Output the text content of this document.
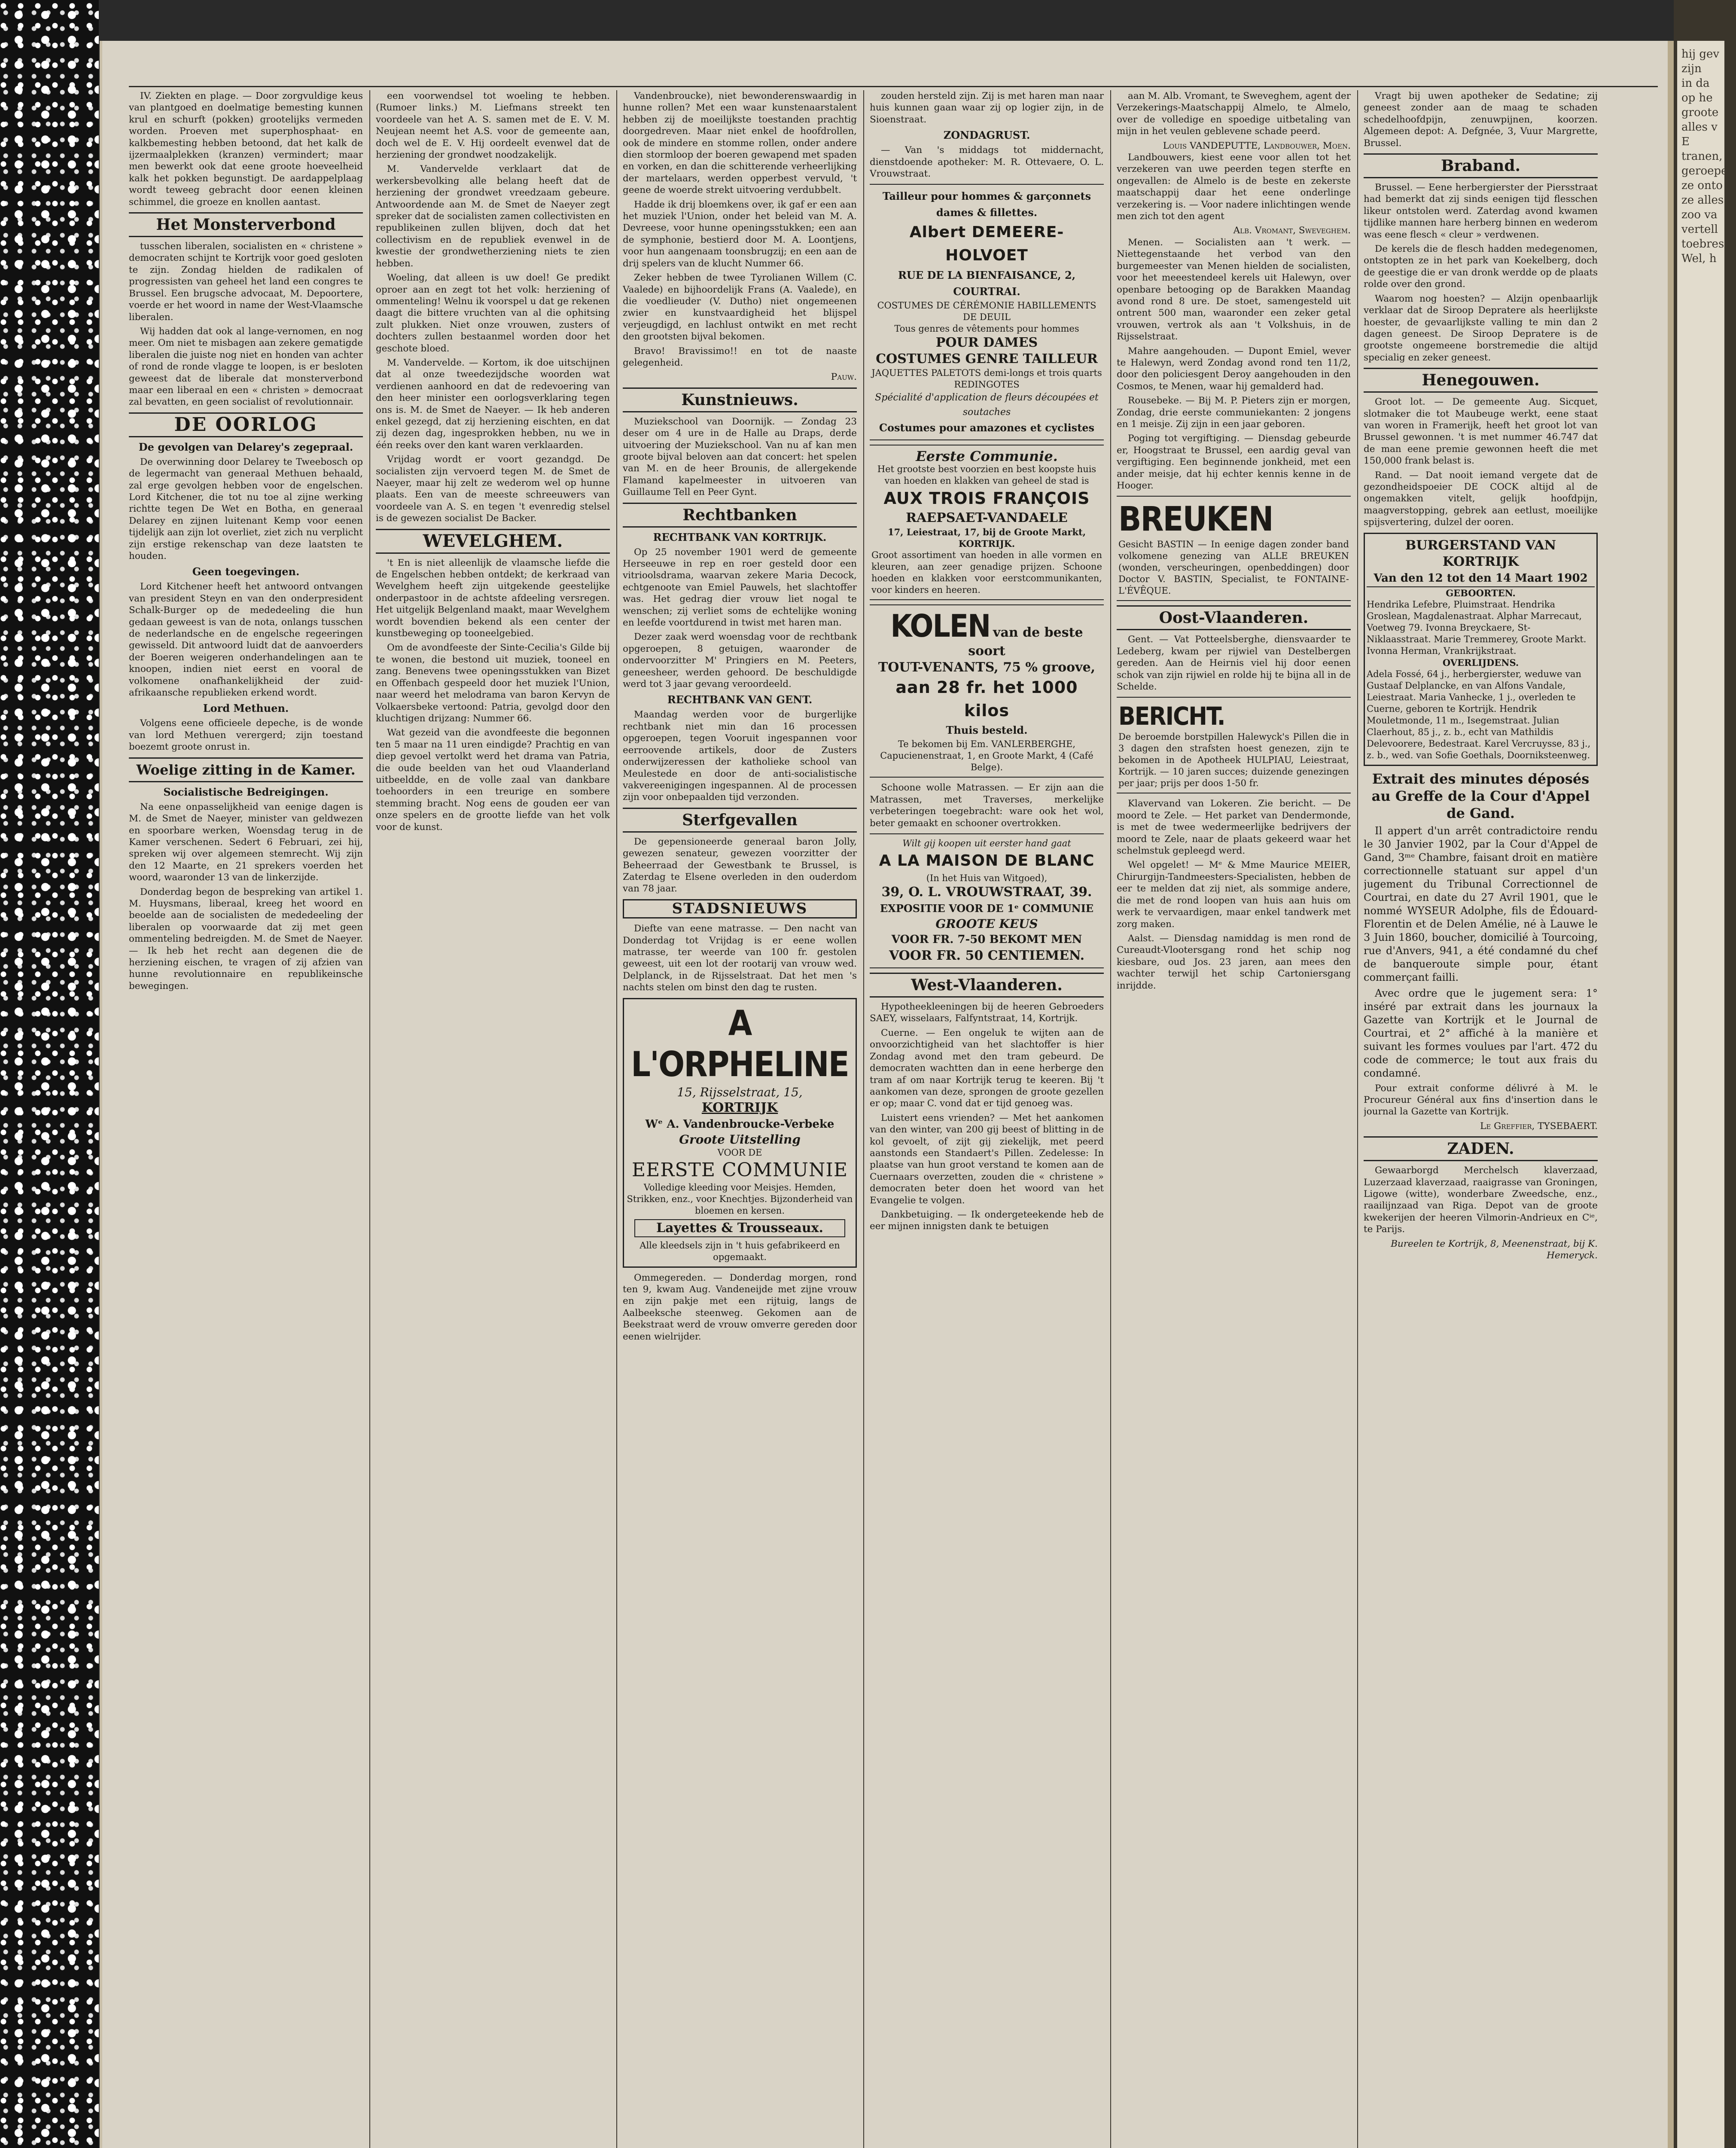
hij gev
zijn
in da
op he
groote
alles v
E
tranen,
geroepe
ze onto
ze alles
zoo va
vertell
toebres
Wel, h

IV. Ziekten en plage. — Door zorgvuldige keus van plantgoed en doelmatige bemesting kunnen krul en schurft (pokken) grootelijks vermeden worden. Proeven met superphosphaat- en kalkbemesting hebben betoond, dat het kalk de ijzermaalplekken (kranzen) vermindert; maar men bewerkt ook dat eene groote hoeveelheid kalk het pokken begunstigt. De aardappelplaag wordt teweeg gebracht door eenen kleinen schimmel, die groeze en knollen aantast.

Het Monsterverbond

tusschen liberalen, socialisten en « christene » democraten schijnt te Kortrijk voor goed gesloten te zijn. Zondag hielden de radikalen of progressisten van geheel het land een congres te Brussel. Een brugsche advocaat, M. Depoortere, voerde er het woord in name der West-Vlaamsche liberalen.

Wij hadden dat ook al lange-vernomen, en nog meer. Om niet te misbagen aan zekere gematigde liberalen die juiste nog niet en honden van achter of rond de ronde vlagge te loopen, is er besloten geweest dat de liberale dat monsterverbond maar een liberaal en een « christen » democraat zal bevatten, en geen socialist of revolutionnair.

DE OORLOG
De gevolgen van Delarey's zegepraal.

De overwinning door Delarey te Tweebosch op de legermacht van generaal Methuen behaald, zal erge gevolgen hebben voor de engelschen. Lord Kitchener, die tot nu toe al zijne werking richtte tegen De Wet en Botha, en generaal Delarey en zijnen luitenant Kemp voor eenen tijdelijk aan zijn lot overliet, ziet zich nu verplicht zijn erstige rekenschap van deze laatsten te houden.

Geen toegevingen.

Lord Kitchener heeft het antwoord ontvangen van president Steyn en van den onderpresident Schalk-Burger op de mededeeling die hun gedaan geweest is van de nota, onlangs tusschen de nederlandsche en de engelsche regeeringen gewisseld. Dit antwoord luidt dat de aanvoerders der Boeren weigeren onderhandelingen aan te knoopen, indien niet eerst en vooral de volkomene onafhankelijkheid der zuid-afrikaansche republieken erkend wordt.

Lord Methuen.

Volgens eene officieele depeche, is de wonde van lord Methuen verergerd; zijn toestand boezemt groote onrust in.

Woelige zitting in de Kamer.
Socialistische Bedreigingen.

Na eene onpasselijkheid van eenige dagen is M. de Smet de Naeyer, minister van geldwezen en spoorbare werken, Woensdag terug in de Kamer verschenen. Sedert 6 Februari, zei hij, spreken wij over algemeen stemrecht. Wij zijn den 12 Maarte, en 21 sprekers voerden het woord, waaronder 13 van de linkerzijde.

Donderdag begon de bespreking van artikel 1. M. Huysmans, liberaal, kreeg het woord en beoelde aan de socialisten de mededeeling der liberalen op voorwaarde dat zij met geen ommenteling bedreigden. M. de Smet de Naeyer. — Ik heb het recht aan degenen die de herziening eischen, te vragen of zij afzien van hunne revolutionnaire en republikeinsche bewegingen.

een voorwendsel tot woeling te hebben. (Rumoer links.) M. Liefmans streekt ten voordeele van het A. S. samen met de E. V. M. Neujean neemt het A.S. voor de gemeente aan, doch wel de E. V. Hij oordeelt evenwel dat de herziening der grondwet noodzakelijk.

M. Vandervelde verklaart dat de werkersbevolking alle belang heeft dat de herziening der grondwet vreedzaam gebeure. Antwoordende aan M. de Smet de Naeyer zegt spreker dat de socialisten zamen collectivisten en republikeinen zullen blijven, doch dat het collectivism en de republiek evenwel in de kwestie der grondwetherziening niets te zien hebben.

Woeling, dat alleen is uw doel! Ge predikt oproer aan en zegt tot het volk: herziening of ommenteling! Welnu ik voorspel u dat ge rekenen daagt die bittere vruchten van al die ophitsing zult plukken. Niet onze vrouwen, zusters of dochters zullen bestaanmel worden door het geschote bloed.

M. Vandervelde. — Kortom, ik doe uitschijnen dat al onze tweedezijdsche woorden wat verdienen aanhoord en dat de redevoering van den heer minister een oorlogsverklaring tegen ons is. M. de Smet de Naeyer. — Ik heb anderen enkel gezegd, dat zij herziening eischten, en dat zij dezen dag, ingesprokken hebben, nu we in één reeks over den kant waren verklaarden.

Vrijdag wordt er voort gezandgd. De socialisten zijn vervoerd tegen M. de Smet de Naeyer, maar hij zelt ze wederom wel op hunne plaats. Een van de meeste schreeuwers van voordeele van A. S. en tegen 't evenredig stelsel is de gewezen socialist De Backer.

WEVELGHEM.

't En is niet alleenlijk de vlaamsche liefde die de Engelschen hebben ontdekt; de kerkraad van Wevelghem heeft zijn uitgekende geestelijke onderpastoor in de achtste afdeeling versregen. Het uitgelijk Belgenland maakt, maar Wevelghem wordt bovendien bekend als een center der kunstbeweging op tooneelgebied.

Om de avondfeeste der Sinte-Cecilia's Gilde bij te wonen, die bestond uit muziek, tooneel en zang. Benevens twee openingsstukken van Bizet en Offenbach gespeeld door het muziek l'Union, naar weerd het melodrama van baron Kervyn de Volkaersbeke vertoond: Patria, gevolgd door den kluchtigen drijzang: Nummer 66.

Wat gezeid van die avondfeeste die begonnen ten 5 maar na 11 uren eindigde? Prachtig en van diep gevoel vertolkt werd het drama van Patria, die oude beelden van het oud Vlaanderland uitbeeldde, en de volle zaal van dankbare toehoorders in een treurige en sombere stemming bracht. Nog eens de gouden eer van onze spelers en de grootte liefde van het volk voor de kunst.

Vandenbroucke), niet bewonderenswaardig in hunne rollen? Met een waar kunstenaarstalent hebben zij de moeilijkste toestanden prachtig doorgedreven. Maar niet enkel de hoofdrollen, ook de mindere en stomme rollen, onder andere dien stormloop der boeren gewapend met spaden en vorken, en dan die schitterende verheerlijking der martelaars, werden opperbest vervuld, 't geene de woerde strekt uitvoering verdubbelt.

Hadde ik drij bloemkens over, ik gaf er een aan het muziek l'Union, onder het beleid van M. A. Devreese, voor hunne openingsstukken; een aan de symphonie, bestierd door M. A. Loontjens, voor hun aangenaam toonsbrugzij; en een aan de drij spelers van de klucht Nummer 66.

Zeker hebben de twee Tyrolianen Willem (C. Vaalede) en bijhoordelijk Frans (A. Vaalede), en die voedlieuder (V. Dutho) niet ongemeenen zwier en kunstvaardigheid het blijspel verjeugdigd, en lachlust ontwikt en met recht den grootsten bijval bekomen.

Bravo! Bravissimo!! en tot de naaste gelegenheid.

Pauw.
Kunstnieuws.

Muziekschool van Doornijk. — Zondag 23 deser om 4 ure in de Halle au Draps, derde uitvoering der Muziekschool. Van nu af kan men groote bijval beloven aan dat concert: het spelen van M. en de heer Brounis, de allergekende Flamand kapelmeester in uitvoeren van Guillaume Tell en Peer Gynt.

Rechtbanken
RECHTBANK VAN KORTRIJK.

Op 25 november 1901 werd de gemeente Herseeuwe in rep en roer gesteld door een vitrioolsdrama, waarvan zekere Maria Decock, echtgenoote van Emiel Pauwels, het slachtoffer was. Het gedrag dier vrouw liet nogal te wenschen; zij verliet soms de echtelijke woning en leefde voortdurend in twist met haren man.

Dezer zaak werd woensdag voor de rechtbank opgeroepen, 8 getuigen, waaronder de ondervoorzitter M' Pringiers en M. Peeters, geneesheer, werden gehoord. De beschuldigde werd tot 3 jaar gevang veroordeeld.

RECHTBANK VAN GENT.

Maandag werden voor de burgerlijke rechtbank niet min dan 16 processen opgeroepen, tegen Vooruit ingespannen voor eerroovende artikels, door de Zusters onderwijzeressen der katholieke school van Meulestede en door de anti-socialistische vakvereenigingen ingespannen. Al de processen zijn voor onbepaalden tijd verzonden.

Sterfgevallen

De gepensioneerde generaal baron Jolly, gewezen senateur, gewezen voorzitter der Beheerraad der Gewestbank te Brussel, is Zaterdag te Elsene overleden in den ouderdom van 78 jaar.

STADSNIEUWS

Diefte van eene matrasse. — Den nacht van Donderdag tot Vrijdag is er eene wollen matrasse, ter weerde van 100 fr. gestolen geweest, uit een lot der rootarij van vrouw wed. Delplanck, in de Rijsselstraat. Dat het men 's nachts stelen om binst den dag te rusten.

A L'ORPHELINE
15, Rijsselstraat, 15,
KORTRIJK
Wᵉ A. Vandenbroucke-Verbeke
Groote Uitstelling
VOOR DE
EERSTE COMMUNIE
Volledige kleeding voor Meisjes. Hemden, Strikken, enz., voor Knechtjes. Bijzonderheid van bloemen en kersen.
Layettes & Trousseaux.
Alle kleedsels zijn in 't huis gefabrikeerd en opgemaakt.

Ommegereden. — Donderdag morgen, rond ten 9, kwam Aug. Vandeneijde met zijne vrouw en zijn pakje met een rijtuig, langs de Aalbeeksche steenweg. Gekomen aan de Beekstraat werd de vrouw omverre gereden door eenen wielrijder.

zouden hersteld zijn. Zij is met haren man naar huis kunnen gaan waar zij op logier zijn, in de Sioenstraat.

ZONDAGRUST.

— Van 's middags tot middernacht, dienstdoende apotheker: M. R. Ottevaere, O. L. Vrouwstraat.

Tailleur pour hommes & garçonnets dames & fillettes.
Albert DEMEERE-HOLVOET
RUE DE LA BIENFAISANCE, 2, COURTRAI.
COSTUMES DE CÉRÉMONIE HABILLEMENTS DE DEUIL
Tous genres de vêtements pour hommes
POUR DAMES
COSTUMES GENRE TAILLEUR
JAQUETTES PALETOTS demi-longs et trois quarts REDINGOTES
Spécialité d'application de fleurs découpées et soutaches
Costumes pour amazones et cyclistes
Eerste Communie.
Het grootste best voorzien en best koopste huis van hoeden en klakken van geheel de stad is
AUX TROIS FRANÇOIS
RAEPSAET-VANDAELE
17, Leiestraat, 17, bij de Groote Markt, KORTRIJK.
Groot assortiment van hoeden in alle vormen en kleuren, aan zeer genadige prijzen. Schoone hoeden en klakken voor eerstcommunikanten, voor kinders en heeren.
KOLEN van de beste soort
TOUT-VENANTS, 75 % groove,
aan 28 fr. het 1000 kilos
Thuis besteld.
Te bekomen bij Em. VANLERBERGHE, Capucienenstraat, 1, en Groote Markt, 4 (Café Belge).

Schoone wolle Matrassen. — Er zijn aan die Matrassen, met Traverses, merkelijke verbeteringen toegebracht: ware ook het wol, beter gemaakt en schooner overtrokken.

Wilt gij koopen uit eerster hand gaat
A LA MAISON DE BLANC
(In het Huis van Witgoed),
39, O. L. VROUWSTRAAT, 39.
EXPOSITIE VOOR DE 1ᵉ COMMUNIE
GROOTE KEUS
VOOR FR. 7-50 BEKOMT MEN
VOOR FR. 50 CENTIEMEN.
West-Vlaanderen.

Hypotheekleeningen bij de heeren Gebroeders SAEY, wisselaars, Falfyntstraat, 14, Kortrijk.

Cuerne. — Een ongeluk te wijten aan de onvoorzichtigheid van het slachtoffer is hier Zondag avond met den tram gebeurd. De democraten wachtten dan in eene herberge den tram af om naar Kortrijk terug te keeren. Bij 't aankomen van deze, sprongen de groote gezellen er op; maar C. vond dat er tijd genoeg was.

Luistert eens vrienden? — Met het aankomen van den winter, van 200 gij beest of blitting in de kol gevoelt, of zijt gij ziekelijk, met peerd aanstonds een Standaert's Pillen. Zedelesse: In plaatse van hun groot verstand te komen aan de Cuernaars overzetten, zouden die « christene » democraten beter doen het woord van het Evangelie te volgen.

Dankbetuiging. — Ik ondergeteekende heb de eer mijnen innigsten dank te betuigen

aan M. Alb. Vromant, te Sweveghem, agent der Verzekerings-Maatschappij Almelo, te Almelo, over de volledige en spoedige uitbetaling van mijn in het veulen geblevene schade peerd.

Louis VANDEPUTTE, Landbouwer, Moen.

Landbouwers, kiest eene voor allen tot het verzekeren van uwe peerden tegen sterfte en ongevallen: de Almelo is de beste en zekerste maatschappij daar het eene onderlinge verzekering is. — Voor nadere inlichtingen wende men zich tot den agent

Alb. Vromant, Sweveghem.

Menen. — Socialisten aan 't werk. — Niettegenstaande het verbod van den burgemeester van Menen hielden de socialisten, voor het meeestendeel kerels uit Halewyn, over openbare betooging op de Barakken Maandag avond rond 8 ure. De stoet, samengesteld uit ontrent 500 man, waaronder een zeker getal vrouwen, vertrok als aan 't Volkshuis, in de Rijsselstraat.

Mahre aangehouden. — Dupont Emiel, wever te Halewyn, werd Zondag avond rond ten 11/2, door den policiesgent Deroy aangehouden in den Cosmos, te Menen, waar hij gemalderd had.

Rousebeke. — Bij M. P. Pieters zijn er morgen, Zondag, drie eerste communiekanten: 2 jongens en 1 meisje. Zij zijn in een jaar geboren.

Poging tot vergiftiging. — Diensdag gebeurde er, Hoogstraat te Brussel, een aardig geval van vergiftiging. Een beginnende jonkheid, met een ander meisje, dat hij echter kennis kenne in de Hooger.

BREUKEN
Gesicht BASTIN — In eenige dagen zonder band volkomene genezing van ALLE BREUKEN (wonden, verscheuringen, openbeddingen) door Doctor V. BASTIN, Specialist, te FONTAINE-L'ÉVÊQUE.
Oost-Vlaanderen.

Gent. — Vat Potteelsberghe, diensvaarder te Ledeberg, kwam per rijwiel van Destelbergen gereden. Aan de Heirnis viel hij door eenen schok van zijn rijwiel en rolde hij te bijna all in de Schelde.

BERICHT.
De beroemde borstpillen Halewyck's Pillen die in 3 dagen den strafsten hoest genezen, zijn te bekomen in de Apotheek HULPIAU, Leiestraat, Kortrijk. — 10 jaren succes; duizende genezingen per jaar; prijs per doos 1-50 fr.

Klavervand van Lokeren. Zie bericht. — De moord te Zele. — Het parket van Dendermonde, is met de twee wedermeerlijke bedrijvers der moord te Zele, naar de plaats gekeerd waar het schelmstuk gepleegd werd.

Wel opgelet! — Mᵉ & Mme Maurice MEIER, Chirurgijn-Tandmeesters-Specialisten, hebben de eer te melden dat zij niet, als sommige andere, die met de rond loopen van huis aan huis om werk te vervaardigen, maar enkel tandwerk met zorg maken.

Aalst. — Diensdag namiddag is men rond de Cureaudt-Vlootersgang rond het schip nog kiesbare, oud Jos. 23 jaren, aan mees den wachter terwijl het schip Cartoniersgang inrijdde.

Vragt bij uwen apotheker de Sedatine; zij geneest zonder aan de maag te schaden schedelhoofdpijn, zenuwpijnen, koorzen. Algemeen depot: A. Defgnée, 3, Vuur Margrette, Brussel.

Braband.

Brussel. — Eene herbergierster der Piersstraat had bemerkt dat zij sinds eenigen tijd flesschen likeur ontstolen werd. Zaterdag avond kwamen tijdlike mannen hare herberg binnen en wederom was eene flesch « cleur » verdwenen.

De kerels die de flesch hadden medegenomen, ontstopten ze in het park van Koekelberg, doch de geestige die er van dronk werdde op de plaats rolde over den grond.

Waarom nog hoesten? — Alzijn openbaarlijk verklaar dat de Siroop Depratere als heerlijkste hoester, de gevaarlijkste valling te min dan 2 dagen geneest. De Siroop Depratere is de grootste ongemeene borstremedie die altijd specialig en zeker geneest.

Henegouwen.

Groot lot. — De gemeente Aug. Sicquet, slotmaker die tot Maubeuge werkt, eene staat van woren in Framerijk, heeft het groot lot van Brussel gewonnen. 't is met nummer 46.747 dat de man eene premie gewonnen heeft die met 150,000 frank belast is.

Rand. — Dat nooit iemand vergete dat de gezondheidspoeier DE COCK altijd al de ongemakken vitelt, gelijk hoofdpijn, maagverstopping, gebrek aan eetlust, moeilijke spijsvertering, dulzel der ooren.

BURGERSTAND VAN KORTRIJK
Van den 12 tot den 14 Maart 1902
GEBOORTEN.
Hendrika Lefebre, Pluimstraat. Hendrika Groslean, Magdalenastraat. Alphar Marrecaut, Voetweg 79. Ivonna Breyckaere, St-Niklaasstraat. Marie Tremmerey, Groote Markt. Ivonna Herman, Vrankrijkstraat.
OVERLIJDENS.
Adela Fossé, 64 j., herbergierster, weduwe van Gustaaf Delplancke, en van Alfons Vandale, Leiestraat. Maria Vanhecke, 1 j., overleden te Cuerne, geboren te Kortrijk. Hendrik Mouletmonde, 11 m., Isegemstraat. Julian Claerhout, 85 j., z. b., echt van Mathildis Delevoorere, Bedestraat. Karel Vercruysse, 83 j., z. b., wed. van Sofie Goethals, Doorniksteenweg.
Extrait des minutes déposés au Greffe de la Cour d'Appel de Gand.

Il appert d'un arrêt contradictoire rendu le 30 Janvier 1902, par la Cour d'Appel de Gand, 3ᵐᵉ Chambre, faisant droit en matière correctionnelle statuant sur appel d'un jugement du Tribunal Correctionnel de Courtrai, en date du 27 Avril 1901, que le nommé WYSEUR Adolphe, fils de Édouard-Florentin et de Delen Amélie, né à Lauwe le 3 Juin 1860, boucher, domicilié à Tourcoing, rue d'Anvers, 941, a été condamné du chef de banqueroute simple pour, étant commerçant failli.

Avec ordre que le jugement sera: 1° inséré par extrait dans les journaux la Gazette van Kortrijk et le Journal de Courtrai, et 2° affiché à la manière et suivant les formes voulues par l'art. 472 du code de commerce; le tout aux frais du condamné.

Pour extrait conforme délivré à M. le Procureur Général aux fins d'insertion dans le journal la Gazette van Kortrijk.

Le Greffier, TYSEBAERT.
ZADEN.

Gewaarborgd Merchelsch klaverzaad, Luzerzaad klaverzaad, raaigrasse van Groningen, Ligowe (witte), wonderbare Zweedsche, enz., raailijnzaad van Riga. Depot van de groote kwekerijen der heeren Vilmorin-Andrieux en Cⁱᵉ, te Parijs.

Bureelen te Kortrijk, 8, Meenenstraat, bij K. Hemeryck.
